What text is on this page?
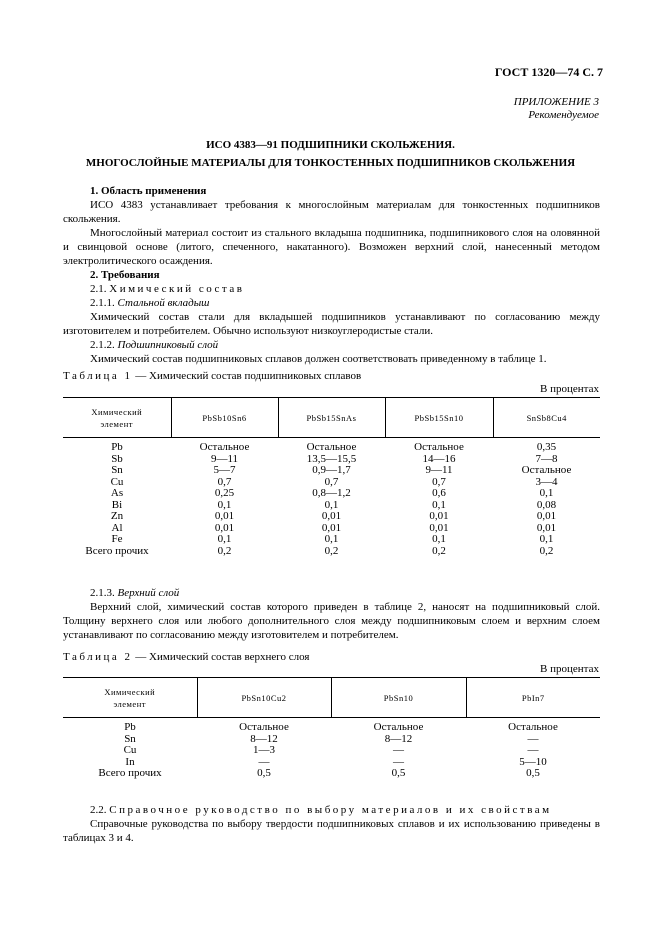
ГОСТ 1320—74 С. 7
ПРИЛОЖЕНИЕ 3
Рекомендуемое
ИСО 4383—91 ПОДШИПНИКИ СКОЛЬЖЕНИЯ.
МНОГОСЛОЙНЫЕ МАТЕРИАЛЫ ДЛЯ ТОНКОСТЕННЫХ ПОДШИПНИКОВ СКОЛЬЖЕНИЯ

1. Область применения

ИСО 4383 устанавливает требования к многослойным материалам для тонкостенных подшипников скольжения.

Многослойный материал состоит из стального вкладыша подшипника, подшипникового слоя на оловянной и свинцовой основе (литого, спеченного, накатанного). Возможен верхний слой, нанесенный методом электролитического осаждения.

2. Требования

2.1. Химический состав

2.1.1. Стальной вкладыш

Химический состав стали для вкладышей подшипников устанавливают по согласованию между изготовителем и потребителем. Обычно используют низкоуглеродистые стали.

2.1.2. Подшипниковый слой

Химический состав подшипниковых сплавов должен соответствовать приведенному в таблице 1.

Таблица 1 — Химический состав подшипниковых сплавов
В процентах
Химический
элемент	PbSb10Sn6	PbSb15SnAs	PbSb15Sn10	SnSb8Cu4
Pb	Остальное	Остальное	Остальное	0,35
Sb	9—11	13,5—15,5	14—16	7—8
Sn	5—7	0,9—1,7	9—11	Остальное
Cu	0,7	0,7	0,7	3—4
As	0,25	0,8—1,2	0,6	0,1
Bi	0,1	0,1	0,1	0,08
Zn	0,01	0,01	0,01	0,01
Al	0,01	0,01	0,01	0,01
Fe	0,1	0,1	0,1	0,1
Всего прочих	0,2	0,2	0,2	0,2

2.1.3. Верхний слой

Верхний слой, химический состав которого приведен в таблице 2, наносят на подшипниковый слой. Толщину верхнего слоя или любого дополнительного слоя между подшипниковым слоем и верхним слоем устанавливают по согласованию между изготовителем и потребителем.

Таблица 2 — Химический состав верхнего слоя
В процентах
Химический
элемент	PbSn10Cu2	PbSn10	PbIn7
Pb	Остальное	Остальное	Остальное
Sn	8—12	8—12	—
Cu	1—3	—	—
In	—	—	5—10
Всего прочих	0,5	0,5	0,5

2.2. Справочное руководство по выбору материалов и их свойствам

Справочные руководства по выбору твердости подшипниковых сплавов и их использованию приведены в таблицах 3 и 4.
